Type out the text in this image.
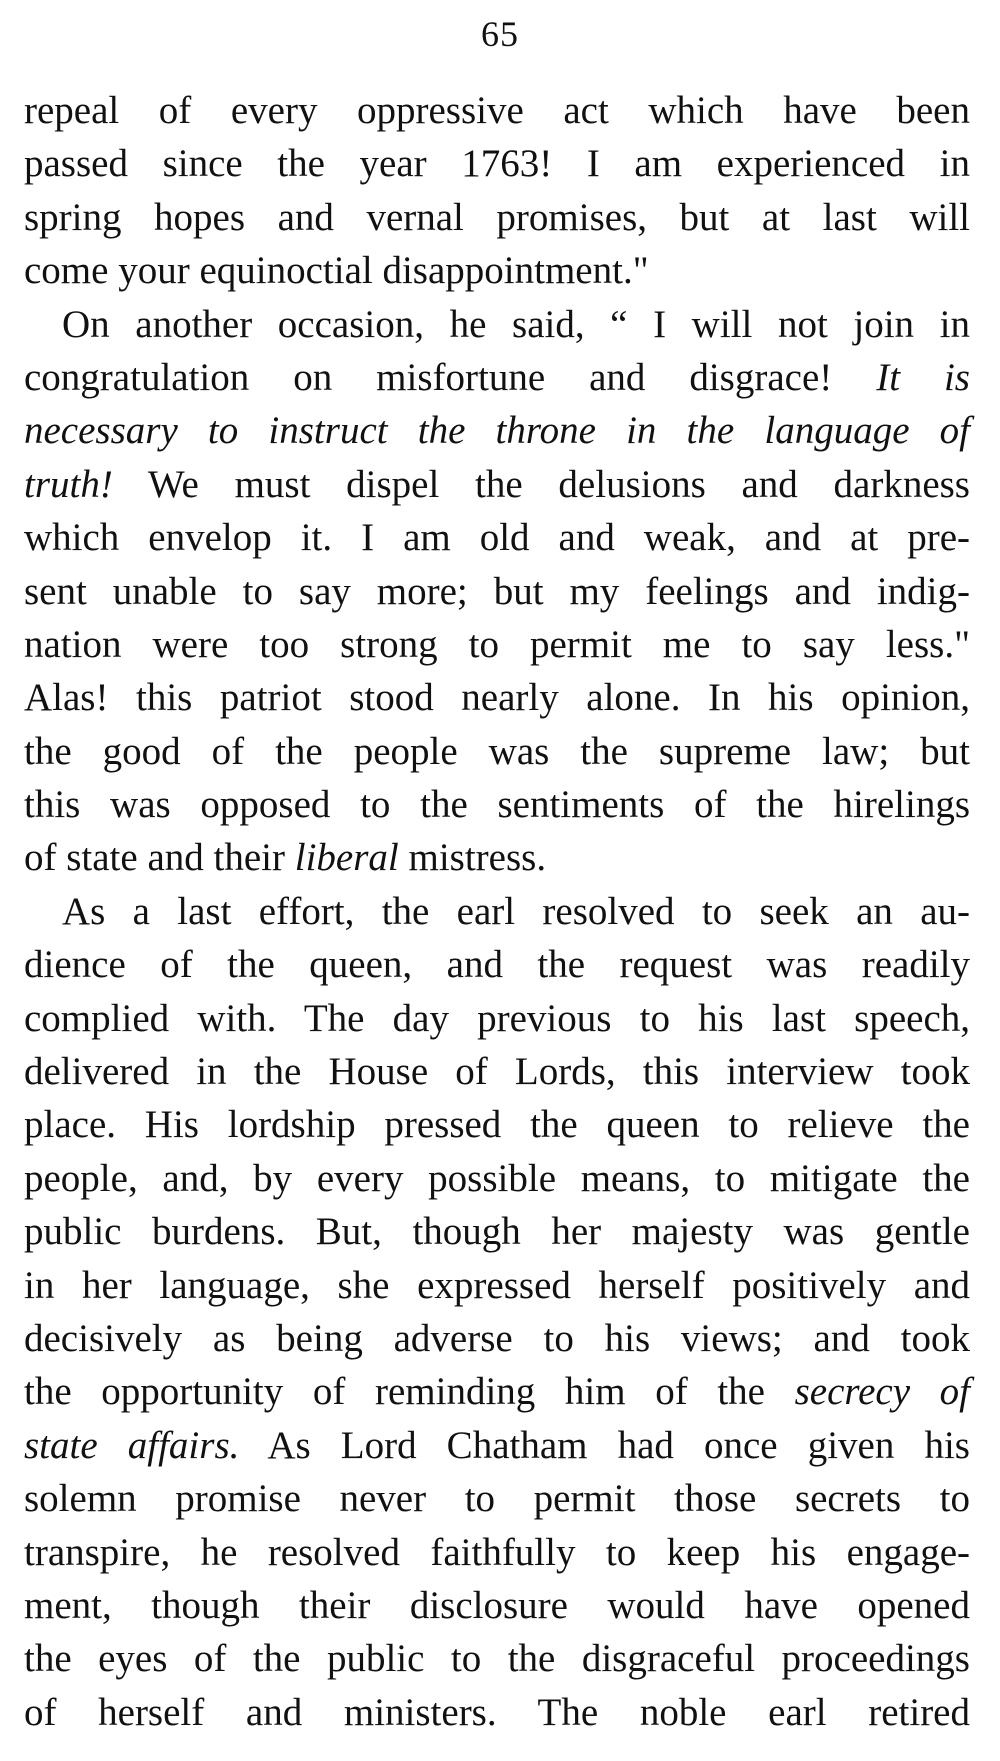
65
repeal of every oppressive act which have been
passed since the year 1763! I am experienced in
spring hopes and vernal promises, but at last will
come your equinoctial disappointment."
On another occasion, he said, “ I will not join in
congratulation on misfortune and disgrace! It is
necessary to instruct the throne in the language of
truth! We must dispel the delusions and darkness
which envelop it. I am old and weak, and at pre-
sent unable to say more; but my feelings and indig-
nation were too strong to permit me to say less."
Alas! this patriot stood nearly alone. In his opinion,
the good of the people was the supreme law; but
this was opposed to the sentiments of the hirelings
of state and their liberal mistress.
As a last effort, the earl resolved to seek an au-
dience of the queen, and the request was readily
complied with. The day previous to his last speech,
delivered in the House of Lords, this interview took
place. His lordship pressed the queen to relieve the
people, and, by every possible means, to mitigate the
public burdens. But, though her majesty was gentle
in her language, she expressed herself positively and
decisively as being adverse to his views; and took
the opportunity of reminding him of the secrecy of
state affairs. As Lord Chatham had once given his
solemn promise never to permit those secrets to
transpire, he resolved faithfully to keep his engage-
ment, though their disclosure would have opened
the eyes of the public to the disgraceful proceedings
of herself and ministers. The noble earl retired
